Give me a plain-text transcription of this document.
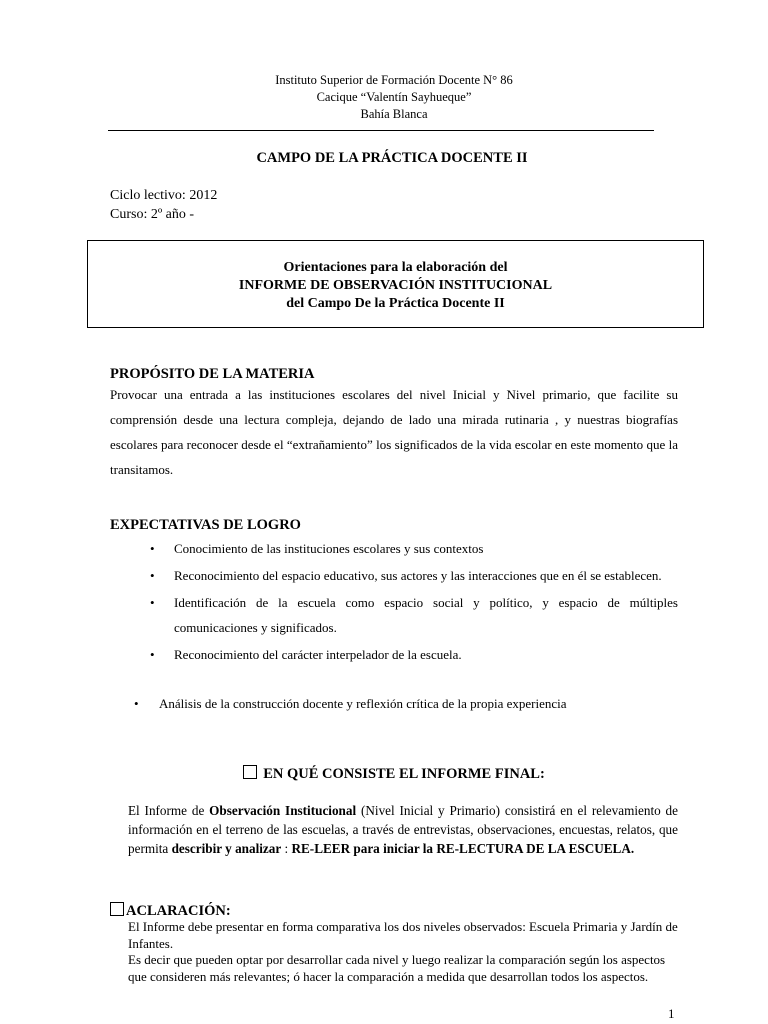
Instituto Superior de Formación Docente N° 86
Cacique “Valentín Sayhueque”
Bahía Blanca
CAMPO DE LA PRÁCTICA DOCENTE II
Ciclo lectivo: 2012
Curso: 2º año -
Orientaciones para la elaboración del
INFORME DE OBSERVACIÓN INSTITUCIONAL
del Campo De la Práctica Docente II
PROPÓSITO DE LA MATERIA
Provocar una entrada a las instituciones escolares del nivel Inicial y Nivel primario, que facilite su comprensión desde una lectura compleja, dejando de lado una mirada rutinaria , y nuestras biografías escolares para reconocer desde el “extrañamiento” los significados de la vida escolar en este momento que la transitamos.
EXPECTATIVAS DE LOGRO
• Conocimiento de las instituciones escolares y sus contextos
• Reconocimiento del espacio educativo, sus actores y las interacciones que en él se establecen.
• Identificación de la escuela como espacio social y político, y espacio de múltiples comunicaciones y significados.
• Reconocimiento del carácter interpelador de la escuela.
• Análisis de la construcción docente y reflexión crítica de la propia experiencia
EN QUÉ CONSISTE EL INFORME FINAL:
El Informe de Observación Institucional (Nivel Inicial y Primario) consistirá en el relevamiento de información en el terreno de las escuelas, a través de entrevistas, observaciones, encuestas, relatos, que permita describir y analizar : RE-LEER para iniciar la RE-LECTURA DE LA ESCUELA.
ACLARACIÓN:
El Informe debe presentar en forma comparativa los dos niveles observados: Escuela Primaria y Jardín de Infantes.
Es decir que pueden optar por desarrollar cada nivel y luego realizar la comparación según los aspectos que consideren más relevantes; ó hacer la comparación a medida que desarrollan todos los aspectos.
1
